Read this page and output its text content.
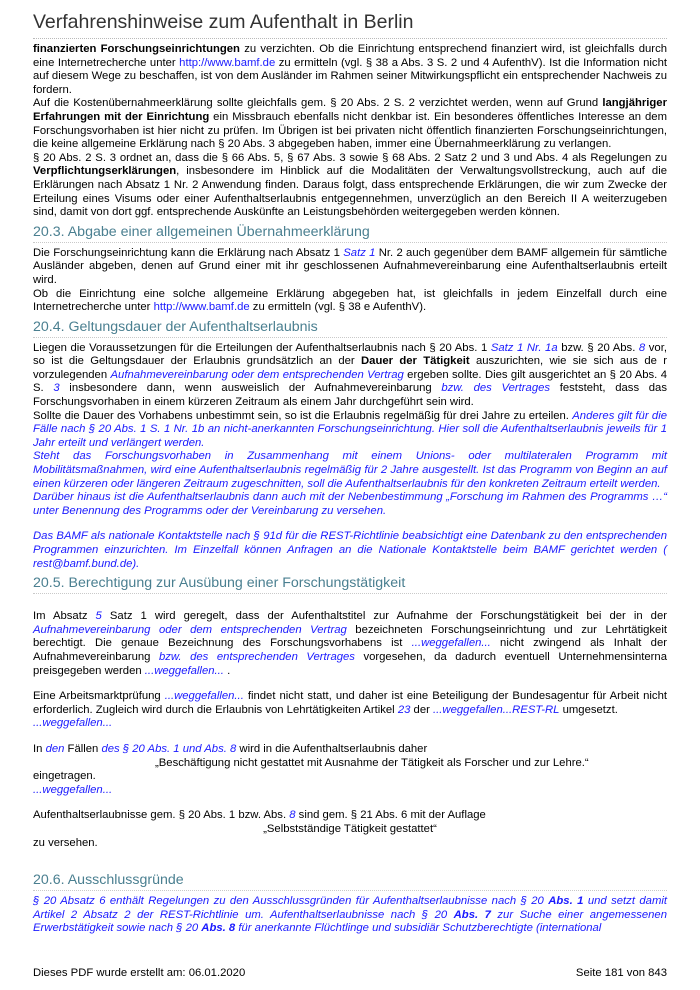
Verfahrenshinweise zum Aufenthalt in Berlin

finanzierten Forschungseinrichtungen zu verzichten. Ob die Einrichtung entsprechend finanziert wird, ist gleichfalls durch eine Internetrecherche unter http://www.bamf.de zu ermitteln (vgl. § 38 a Abs. 3 S. 2 und 4 AufenthV). Ist die Information nicht auf diesem Wege zu beschaffen, ist von dem Ausländer im Rahmen seiner Mitwirkungspflicht ein entsprechender Nachweis zu fordern.

Auf die Kostenübernahmeerklärung sollte gleichfalls gem. § 20 Abs. 2 S. 2 verzichtet werden, wenn auf Grund langjähriger Erfahrungen mit der Einrichtung ein Missbrauch ebenfalls nicht denkbar ist. Ein besonderes öffentliches Interesse an dem Forschungsvorhaben ist hier nicht zu prüfen. Im Übrigen ist bei privaten nicht öffentlich finanzierten Forschungseinrichtungen, die keine allgemeine Erklärung nach § 20 Abs. 3 abgegeben haben, immer eine Übernahmeerklärung zu verlangen.

§ 20 Abs. 2 S. 3 ordnet an, dass die § 66 Abs. 5, § 67 Abs. 3 sowie § 68 Abs. 2 Satz 2 und 3 und Abs. 4 als Regelungen zu Verpflichtungserklärungen, insbesondere im Hinblick auf die Modalitäten der Verwaltungsvollstreckung, auch auf die Erklärungen nach Absatz 1 Nr. 2 Anwendung finden. Daraus folgt, dass entsprechende Erklärungen, die wir zum Zwecke der Erteilung eines Visums oder einer Aufenthaltserlaubnis entgegennehmen, unverzüglich an den Bereich II A weiterzugeben sind, damit von dort ggf. entsprechende Auskünfte an Leistungsbehörden weitergegeben werden können.

20.3. Abgabe einer allgemeinen Übernahmeerklärung

Die Forschungseinrichtung kann die Erklärung nach Absatz 1 Satz 1 Nr. 2 auch gegenüber dem BAMF allgemein für sämtliche Ausländer abgeben, denen auf Grund einer mit ihr geschlossenen Aufnahmevereinbarung eine Aufenthaltserlaubnis erteilt wird.

Ob die Einrichtung eine solche allgemeine Erklärung abgegeben hat, ist gleichfalls in jedem Einzelfall durch eine Internetrecherche unter http://www.bamf.de zu ermitteln (vgl. § 38 e AufenthV).

20.4. Geltungsdauer der Aufenthaltserlaubnis

Liegen die Voraussetzungen für die Erteilungen der Aufenthaltserlaubnis nach § 20 Abs. 1 Satz 1 Nr. 1a bzw. § 20 Abs. 8 vor, so ist die Geltungsdauer der Erlaubnis grundsätzlich an der Dauer der Tätigkeit auszurichten, wie sie sich aus de r vorzulegenden Aufnahmevereinbarung oder dem entsprechenden Vertrag ergeben sollte. Dies gilt ausgerichtet an § 20 Abs. 4 S. 3 insbesondere dann, wenn ausweislich der Aufnahmevereinbarung bzw. des Vertrages feststeht, dass das Forschungsvorhaben in einem kürzeren Zeitraum als einem Jahr durchgeführt sein wird.

Sollte die Dauer des Vorhabens unbestimmt sein, so ist die Erlaubnis regelmäßig für drei Jahre zu erteilen. Anderes gilt für die Fälle nach § 20 Abs. 1 S. 1 Nr. 1b an nicht-anerkannten Forschungseinrichtung. Hier soll die Aufenthaltserlaubnis jeweils für 1 Jahr erteilt und verlängert werden.

Steht das Forschungsvorhaben in Zusammenhang mit einem Unions- oder multilateralen Programm mit Mobilitätsmaßnahmen, wird eine Aufenthaltserlaubnis regelmäßig für 2 Jahre ausgestellt. Ist das Programm von Beginn an auf einen kürzeren oder längeren Zeitraum zugeschnitten, soll die Aufenthaltserlaubnis für den konkreten Zeitraum erteilt werden.

Darüber hinaus ist die Aufenthaltserlaubnis dann auch mit der Nebenbestimmung „Forschung im Rahmen des Programms …“ unter Benennung des Programms oder der Vereinbarung zu versehen.

Das BAMF als nationale Kontaktstelle nach § 91d für die REST-Richtlinie beabsichtigt eine Datenbank zu den entsprechenden Programmen einzurichten. Im Einzelfall können Anfragen an die Nationale Kontaktstelle beim BAMF gerichtet werden ( rest@bamf.bund.de).

20.5. Berechtigung zur Ausübung einer Forschungstätigkeit

Im Absatz 5 Satz 1 wird geregelt, dass der Aufenthaltstitel zur Aufnahme der Forschungstätigkeit bei der in der Aufnahmevereinbarung oder dem entsprechenden Vertrag bezeichneten Forschungseinrichtung und zur Lehrtätigkeit berechtigt. Die genaue Bezeichnung des Forschungsvorhabens ist ...weggefallen... nicht zwingend als Inhalt der Aufnahmevereinbarung bzw. des entsprechenden Vertrages vorgesehen, da dadurch eventuell Unternehmensinterna preisgegeben werden ...weggefallen... .

Eine Arbeitsmarktprüfung ...weggefallen... findet nicht statt, und daher ist eine Beteiligung der Bundesagentur für Arbeit nicht erforderlich. Zugleich wird durch die Erlaubnis von Lehrtätigkeiten Artikel 23 der ...weggefallen...REST-RL umgesetzt.

...weggefallen...

In den Fällen des § 20 Abs. 1 und Abs. 8 wird in die Aufenthaltserlaubnis daher

„Beschäftigung nicht gestattet mit Ausnahme der Tätigkeit als Forscher und zur Lehre.“

eingetragen.

...weggefallen...

Aufenthaltserlaubnisse gem. § 20 Abs. 1 bzw. Abs. 8 sind gem. § 21 Abs. 6 mit der Auflage

„Selbstständige Tätigkeit gestattet“

zu versehen.

20.6. Ausschlussgründe

§ 20 Absatz 6 enthält Regelungen zu den Ausschlussgründen für Aufenthaltserlaubnisse nach § 20 Abs. 1 und setzt damit Artikel 2 Absatz 2 der REST-Richtlinie um. Aufenthaltserlaubnisse nach § 20 Abs. 7 zur Suche einer angemessenen Erwerbstätigkeit sowie nach § 20 Abs. 8 für anerkannte Flüchtlinge und subsidiär Schutzberechtigte (international

Dieses PDF wurde erstellt am: 06.01.2020	Seite 181 von 843
